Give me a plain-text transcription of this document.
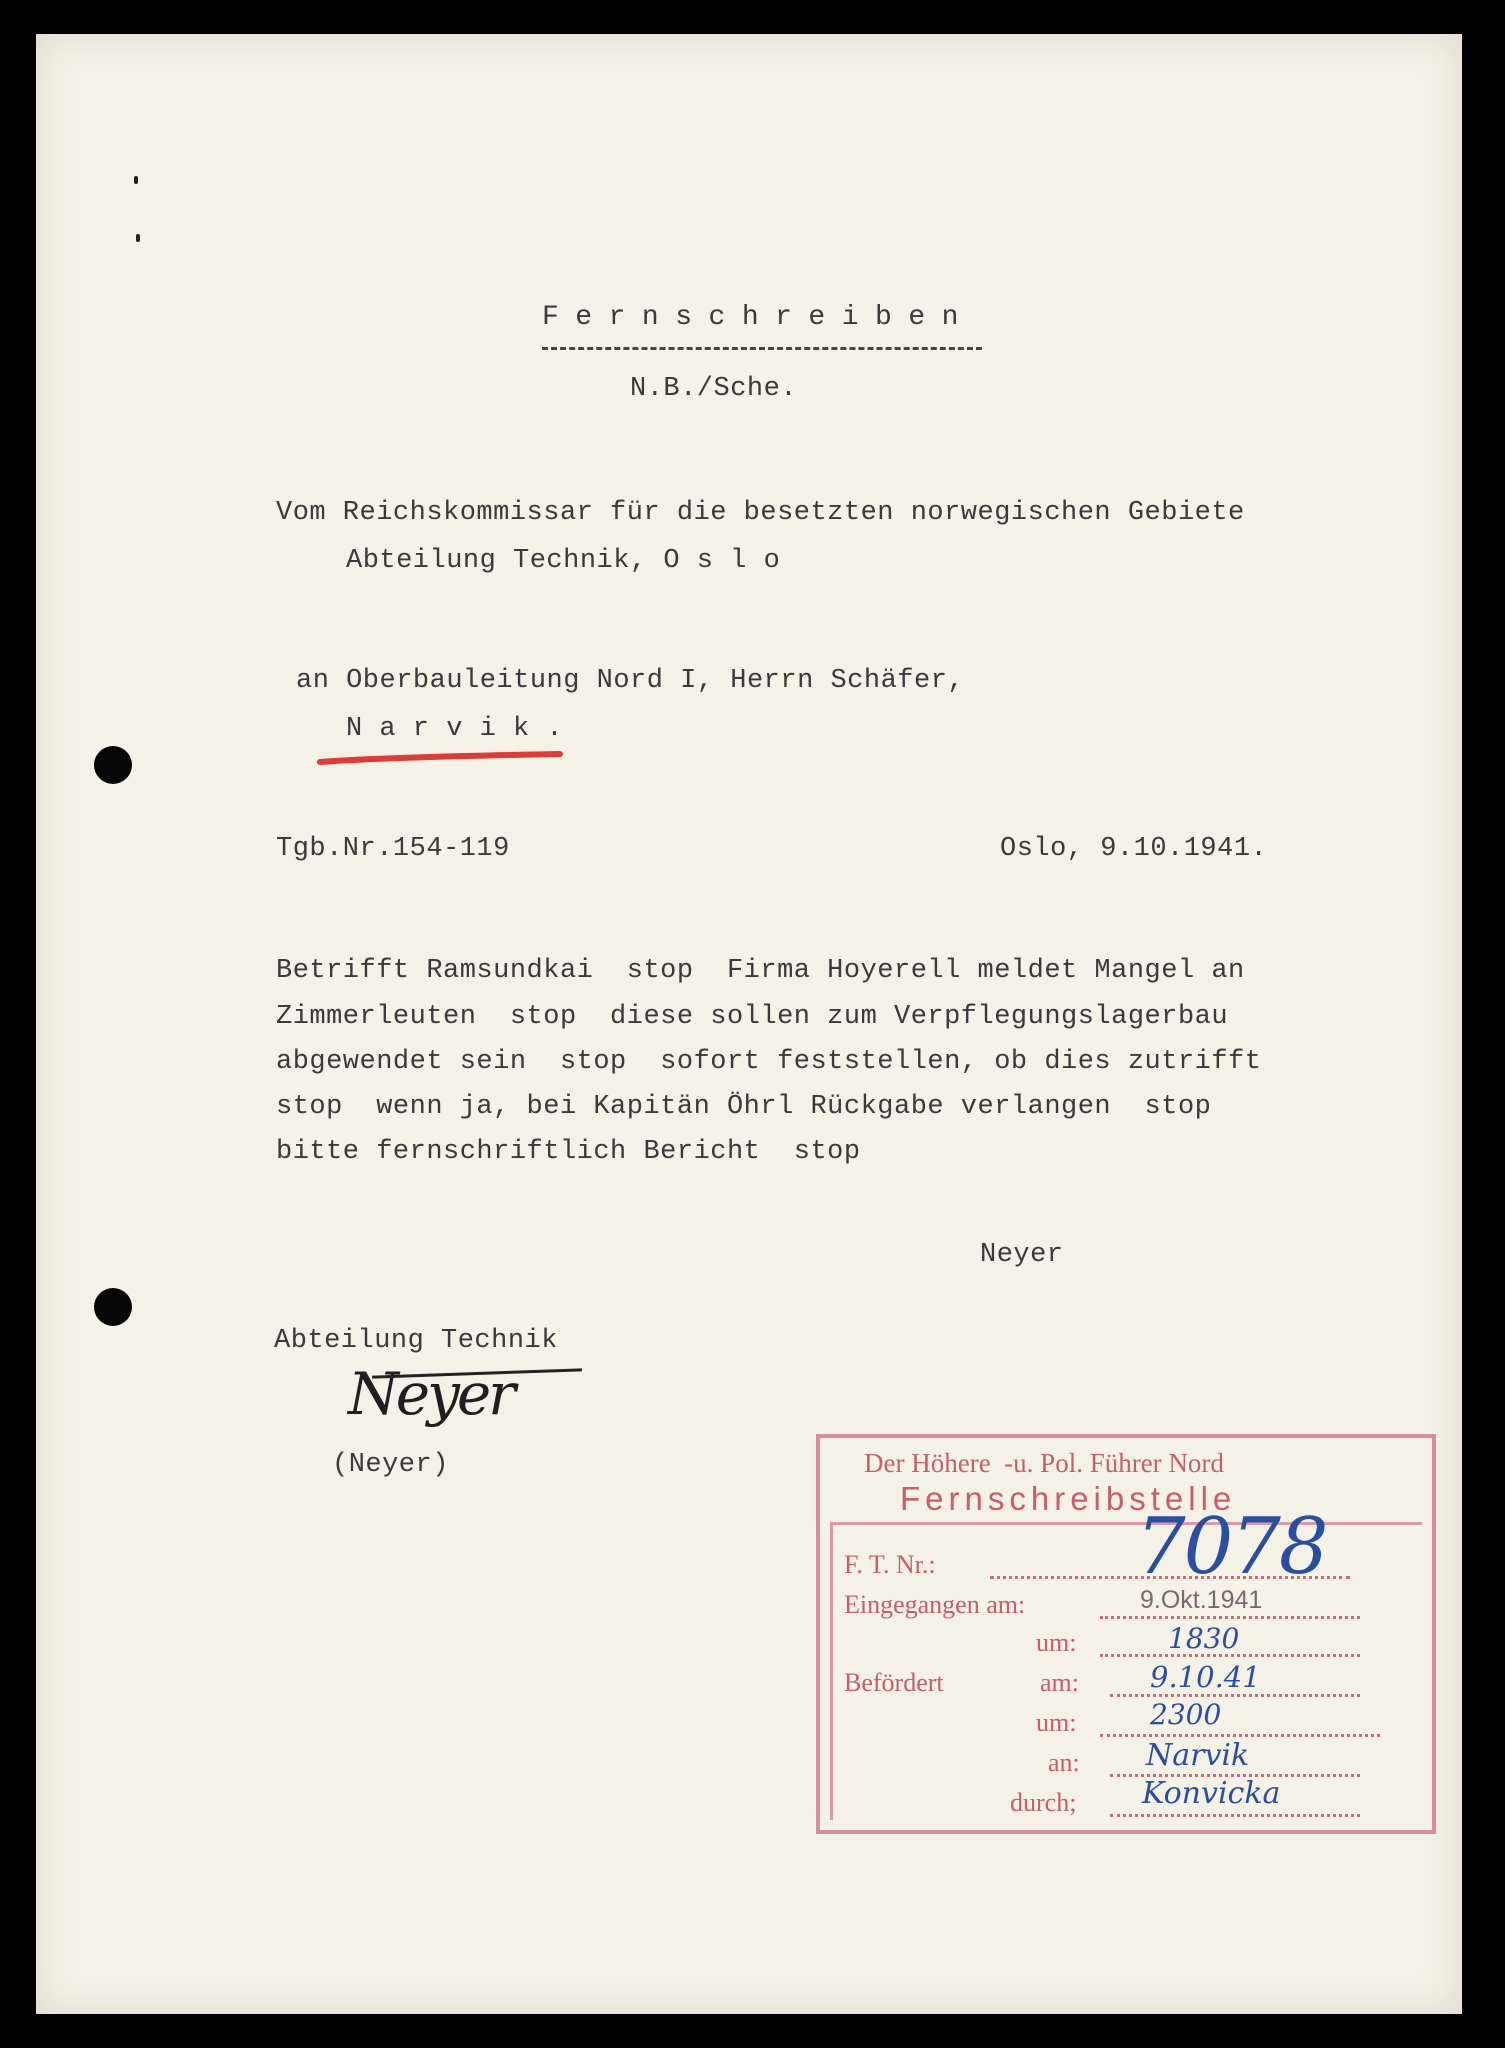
Fernschreiben
N.B./Sche.
Vom Reichskommissar für die besetzten norwegischen Gebiete
Abteilung Technik, O s l o
an Oberbauleitung Nord I, Herrn Schäfer,
N a r v i k .
Tgb.Nr.154-119	Oslo, 9.10.1941.
Betrifft Ramsundkai  stop  Firma Hoyerell meldet Mangel an
Zimmerleuten  stop  diese sollen zum Verpflegungslagerbau
abgewendet sein  stop  sofort feststellen, ob dies zutrifft
stop  wenn ja, bei Kapitän Öhrl Rückgabe verlangen  stop
bitte fernschriftlich Bericht  stop
Neyer
Abteilung Technik
Neyer
(Neyer)	Der Höhere  -u. Pol. Führer Nord
Fernschreibstelle
F. T. Nr.:	7078
Eingegangen am:	9.Okt.1941
um:	1830
Befördert	am: 9.10.41
um:	2300
an: Narvik
durch; Konvicka
